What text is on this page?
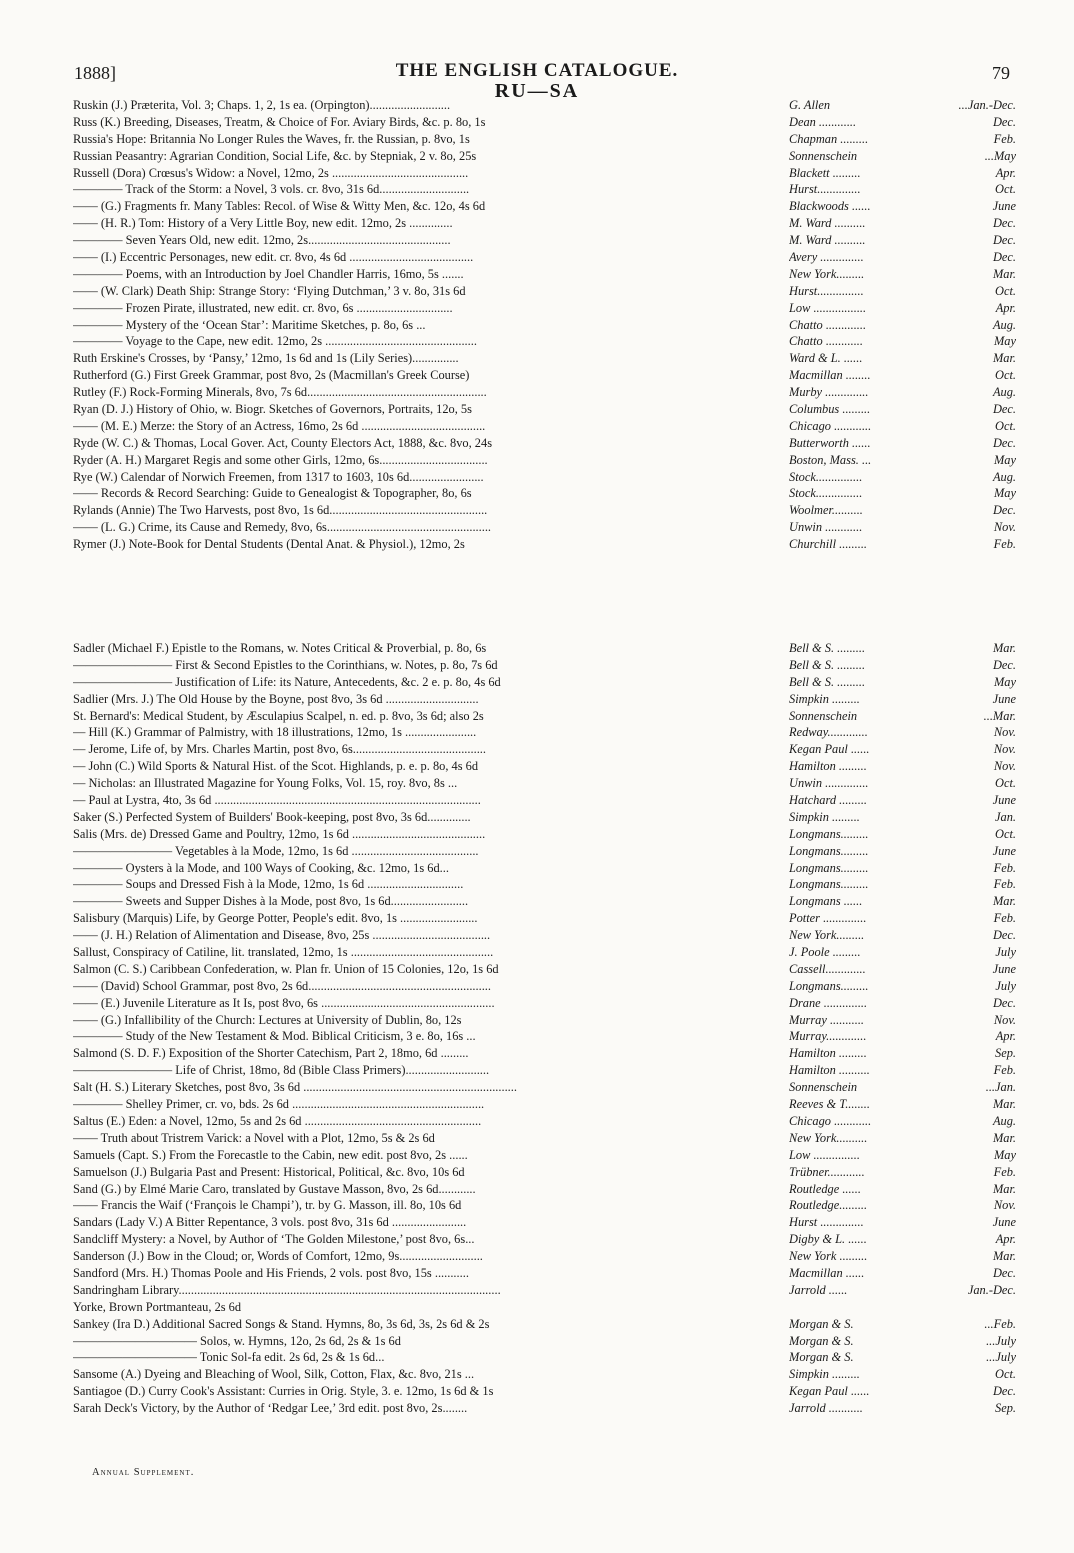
1888]	THE ENGLISH CATALOGUE.	79
RU—SA
Ruskin (J.) Præterita, Vol. 3; Chaps. 1, 2, 1s ea. (Orpington)..........................	G. Allen	...Jan.-Dec.
Russ (K.) Breeding, Diseases, Treatm, & Choice of For. Aviary Birds, &c. p. 8o, 1s	Dean ............	Dec.
Russia's Hope: Britannia No Longer Rules the Waves, fr. the Russian, p. 8vo, 1s	Chapman .........	Feb.
Russian Peasantry: Agrarian Condition, Social Life, &c. by Stepniak, 2 v. 8o, 25s	Sonnenschein	...May
Russell (Dora) Crœsus's Widow: a Novel, 12mo, 2s ............................................	Blackett .........	Apr.
———— Track of the Storm: a Novel, 3 vols. cr. 8vo, 31s 6d.............................	Hurst..............	Oct.
—— (G.) Fragments fr. Many Tables: Recol. of Wise & Witty Men, &c. 12o, 4s 6d	Blackwoods ......	June
—— (H. R.) Tom: History of a Very Little Boy, new edit. 12mo, 2s ..............	M. Ward ..........	Dec.
———— Seven Years Old, new edit. 12mo, 2s..............................................	M. Ward ..........	Dec.
—— (I.) Eccentric Personages, new edit. cr. 8vo, 4s 6d ........................................	Avery ..............	Dec.
———— Poems, with an Introduction by Joel Chandler Harris, 16mo, 5s .......	New York.........	Mar.
—— (W. Clark) Death Ship: Strange Story: ‘Flying Dutchman,’ 3 v. 8o, 31s 6d	Hurst...............	Oct.
———— Frozen Pirate, illustrated, new edit. cr. 8vo, 6s ...............................	Low .................	Apr.
———— Mystery of the ‘Ocean Star’: Maritime Sketches, p. 8o, 6s ...	Chatto .............	Aug.
———— Voyage to the Cape, new edit. 12mo, 2s .................................................	Chatto ............	May
Ruth Erskine's Crosses, by ‘Pansy,’ 12mo, 1s 6d and 1s (Lily Series)...............	Ward & L. ......	Mar.
Rutherford (G.) First Greek Grammar, post 8vo, 2s (Macmillan's Greek Course)	Macmillan ........	Oct.
Rutley (F.) Rock-Forming Minerals, 8vo, 7s 6d..........................................................	Murby ..............	Aug.
Ryan (D. J.) History of Ohio, w. Biogr. Sketches of Governors, Portraits, 12o, 5s	Columbus .........	Dec.
—— (M. E.) Merze: the Story of an Actress, 16mo, 2s 6d ........................................	Chicago ............	Oct.
Ryde (W. C.) & Thomas, Local Gover. Act, County Electors Act, 1888, &c. 8vo, 24s	Butterworth ......	Dec.
Ryder (A. H.) Margaret Regis and some other Girls, 12mo, 6s...................................	Boston, Mass. ...	May
Rye (W.) Calendar of Norwich Freemen, from 1317 to 1603, 10s 6d........................	Stock...............	Aug.
—— Records & Record Searching: Guide to Genealogist & Topographer, 8o, 6s	Stock...............	May
Rylands (Annie) The Two Harvests, post 8vo, 1s 6d...................................................	Woolmer..........	Dec.
—— (L. G.) Crime, its Cause and Remedy, 8vo, 6s.....................................................	Unwin ............	Nov.
Rymer (J.) Note-Book for Dental Students (Dental Anat. & Physiol.), 12mo, 2s	Churchill .........	Feb.
Sadler (Michael F.) Epistle to the Romans, w. Notes Critical & Proverbial, p. 8o, 6s	Bell & S. .........	Mar.
———————— First & Second Epistles to the Corinthians, w. Notes, p. 8o, 7s 6d	Bell & S. .........	Dec.
———————— Justification of Life: its Nature, Antecedents, &c. 2 e. p. 8o, 4s 6d	Bell & S. .........	May
Sadlier (Mrs. J.) The Old House by the Boyne, post 8vo, 3s 6d ..............................	Simpkin .........	June
St. Bernard's: Medical Student, by Æsculapius Scalpel, n. ed. p. 8vo, 3s 6d; also 2s	Sonnenschein	...Mar.
— Hill (K.) Grammar of Palmistry, with 18 illustrations, 12mo, 1s .......................	Redway.............	Nov.
— Jerome, Life of, by Mrs. Charles Martin, post 8vo, 6s...........................................	Kegan Paul ......	Nov.
— John (C.) Wild Sports & Natural Hist. of the Scot. Highlands, p. e. p. 8o, 4s 6d	Hamilton .........	Nov.
— Nicholas: an Illustrated Magazine for Young Folks, Vol. 15, roy. 8vo, 8s ...	Unwin ..............	Oct.
— Paul at Lystra, 4to, 3s 6d ......................................................................................	Hatchard .........	June
Saker (S.) Perfected System of Builders' Book-keeping, post 8vo, 3s 6d..............	Simpkin .........	Jan.
Salis (Mrs. de) Dressed Game and Poultry, 12mo, 1s 6d ...........................................	Longmans.........	Oct.
———————— Vegetables à la Mode, 12mo, 1s 6d .........................................	Longmans.........	June
———— Oysters à la Mode, and 100 Ways of Cooking, &c. 12mo, 1s 6d...	Longmans.........	Feb.
———— Soups and Dressed Fish à la Mode, 12mo, 1s 6d ...............................	Longmans.........	Feb.
———— Sweets and Supper Dishes à la Mode, post 8vo, 1s 6d.........................	Longmans ......	Mar.
Salisbury (Marquis) Life, by George Potter, People's edit. 8vo, 1s .........................	Potter ..............	Feb.
—— (J. H.) Relation of Alimentation and Disease, 8vo, 25s ......................................	New York.........	Dec.
Sallust, Conspiracy of Catiline, lit. translated, 12mo, 1s ..............................................	J. Poole .........	July
Salmon (C. S.) Caribbean Confederation, w. Plan fr. Union of 15 Colonies, 12o, 1s 6d	Cassell.............	June
—— (David) School Grammar, post 8vo, 2s 6d...........................................................	Longmans.........	July
—— (E.) Juvenile Literature as It Is, post 8vo, 6s ........................................................	Drane ..............	Dec.
—— (G.) Infallibility of the Church: Lectures at University of Dublin, 8o, 12s	Murray ...........	Nov.
———— Study of the New Testament & Mod. Biblical Criticism, 3 e. 8o, 16s ...	Murray.............	Apr.
Salmond (S. D. F.) Exposition of the Shorter Catechism, Part 2, 18mo, 6d .........	Hamilton .........	Sep.
———————— Life of Christ, 18mo, 8d (Bible Class Primers)...........................	Hamilton ..........	Feb.
Salt (H. S.) Literary Sketches, post 8vo, 3s 6d .....................................................................	Sonnenschein	...Jan.
———— Shelley Primer, cr. vo, bds. 2s 6d ..............................................................	Reeves & T........	Mar.
Saltus (E.) Eden: a Novel, 12mo, 5s and 2s 6d .........................................................	Chicago ............	Aug.
—— Truth about Tristrem Varick: a Novel with a Plot, 12mo, 5s & 2s 6d	New York..........	Mar.
Samuels (Capt. S.) From the Forecastle to the Cabin, new edit. post 8vo, 2s ......	Low ...............	May
Samuelson (J.) Bulgaria Past and Present: Historical, Political, &c. 8vo, 10s 6d	Trübner............	Feb.
Sand (G.) by Elmé Marie Caro, translated by Gustave Masson, 8vo, 2s 6d............	Routledge ......	Mar.
—— Francis the Waif (‘François le Champi’), tr. by G. Masson, ill. 8o, 10s 6d	Routledge.........	Nov.
Sandars (Lady V.) A Bitter Repentance, 3 vols. post 8vo, 31s 6d ........................	Hurst ..............	June
Sandcliff Mystery: a Novel, by Author of ‘The Golden Milestone,’ post 8vo, 6s...	Digby & L. ......	Apr.
Sanderson (J.) Bow in the Cloud; or, Words of Comfort, 12mo, 9s...........................	New York .........	Mar.
Sandford (Mrs. H.) Thomas Poole and His Friends, 2 vols. post 8vo, 15s ...........	Macmillan ......	Dec.
Sandringham Library........................................................................................................	Jarrold ......	Jan.-Dec.
Yorke, Brown Portmanteau, 2s 6d
Sankey (Ira D.) Additional Sacred Songs & Stand. Hymns, 8o, 3s 6d, 3s, 2s 6d & 2s	Morgan & S.	...Feb.
—————————— Solos, w. Hymns, 12o, 2s 6d, 2s & 1s 6d	Morgan & S.	...July
—————————— Tonic Sol-fa edit. 2s 6d, 2s & 1s 6d...	Morgan & S.	...July
Sansome (A.) Dyeing and Bleaching of Wool, Silk, Cotton, Flax, &c. 8vo, 21s ...	Simpkin .........	Oct.
Santiagoe (D.) Curry Cook's Assistant: Curries in Orig. Style, 3. e. 12mo, 1s 6d & 1s	Kegan Paul ......	Dec.
Sarah Deck's Victory, by the Author of ‘Redgar Lee,’ 3rd edit. post 8vo, 2s........	Jarrold ...........	Sep.
Annual Supplement.
